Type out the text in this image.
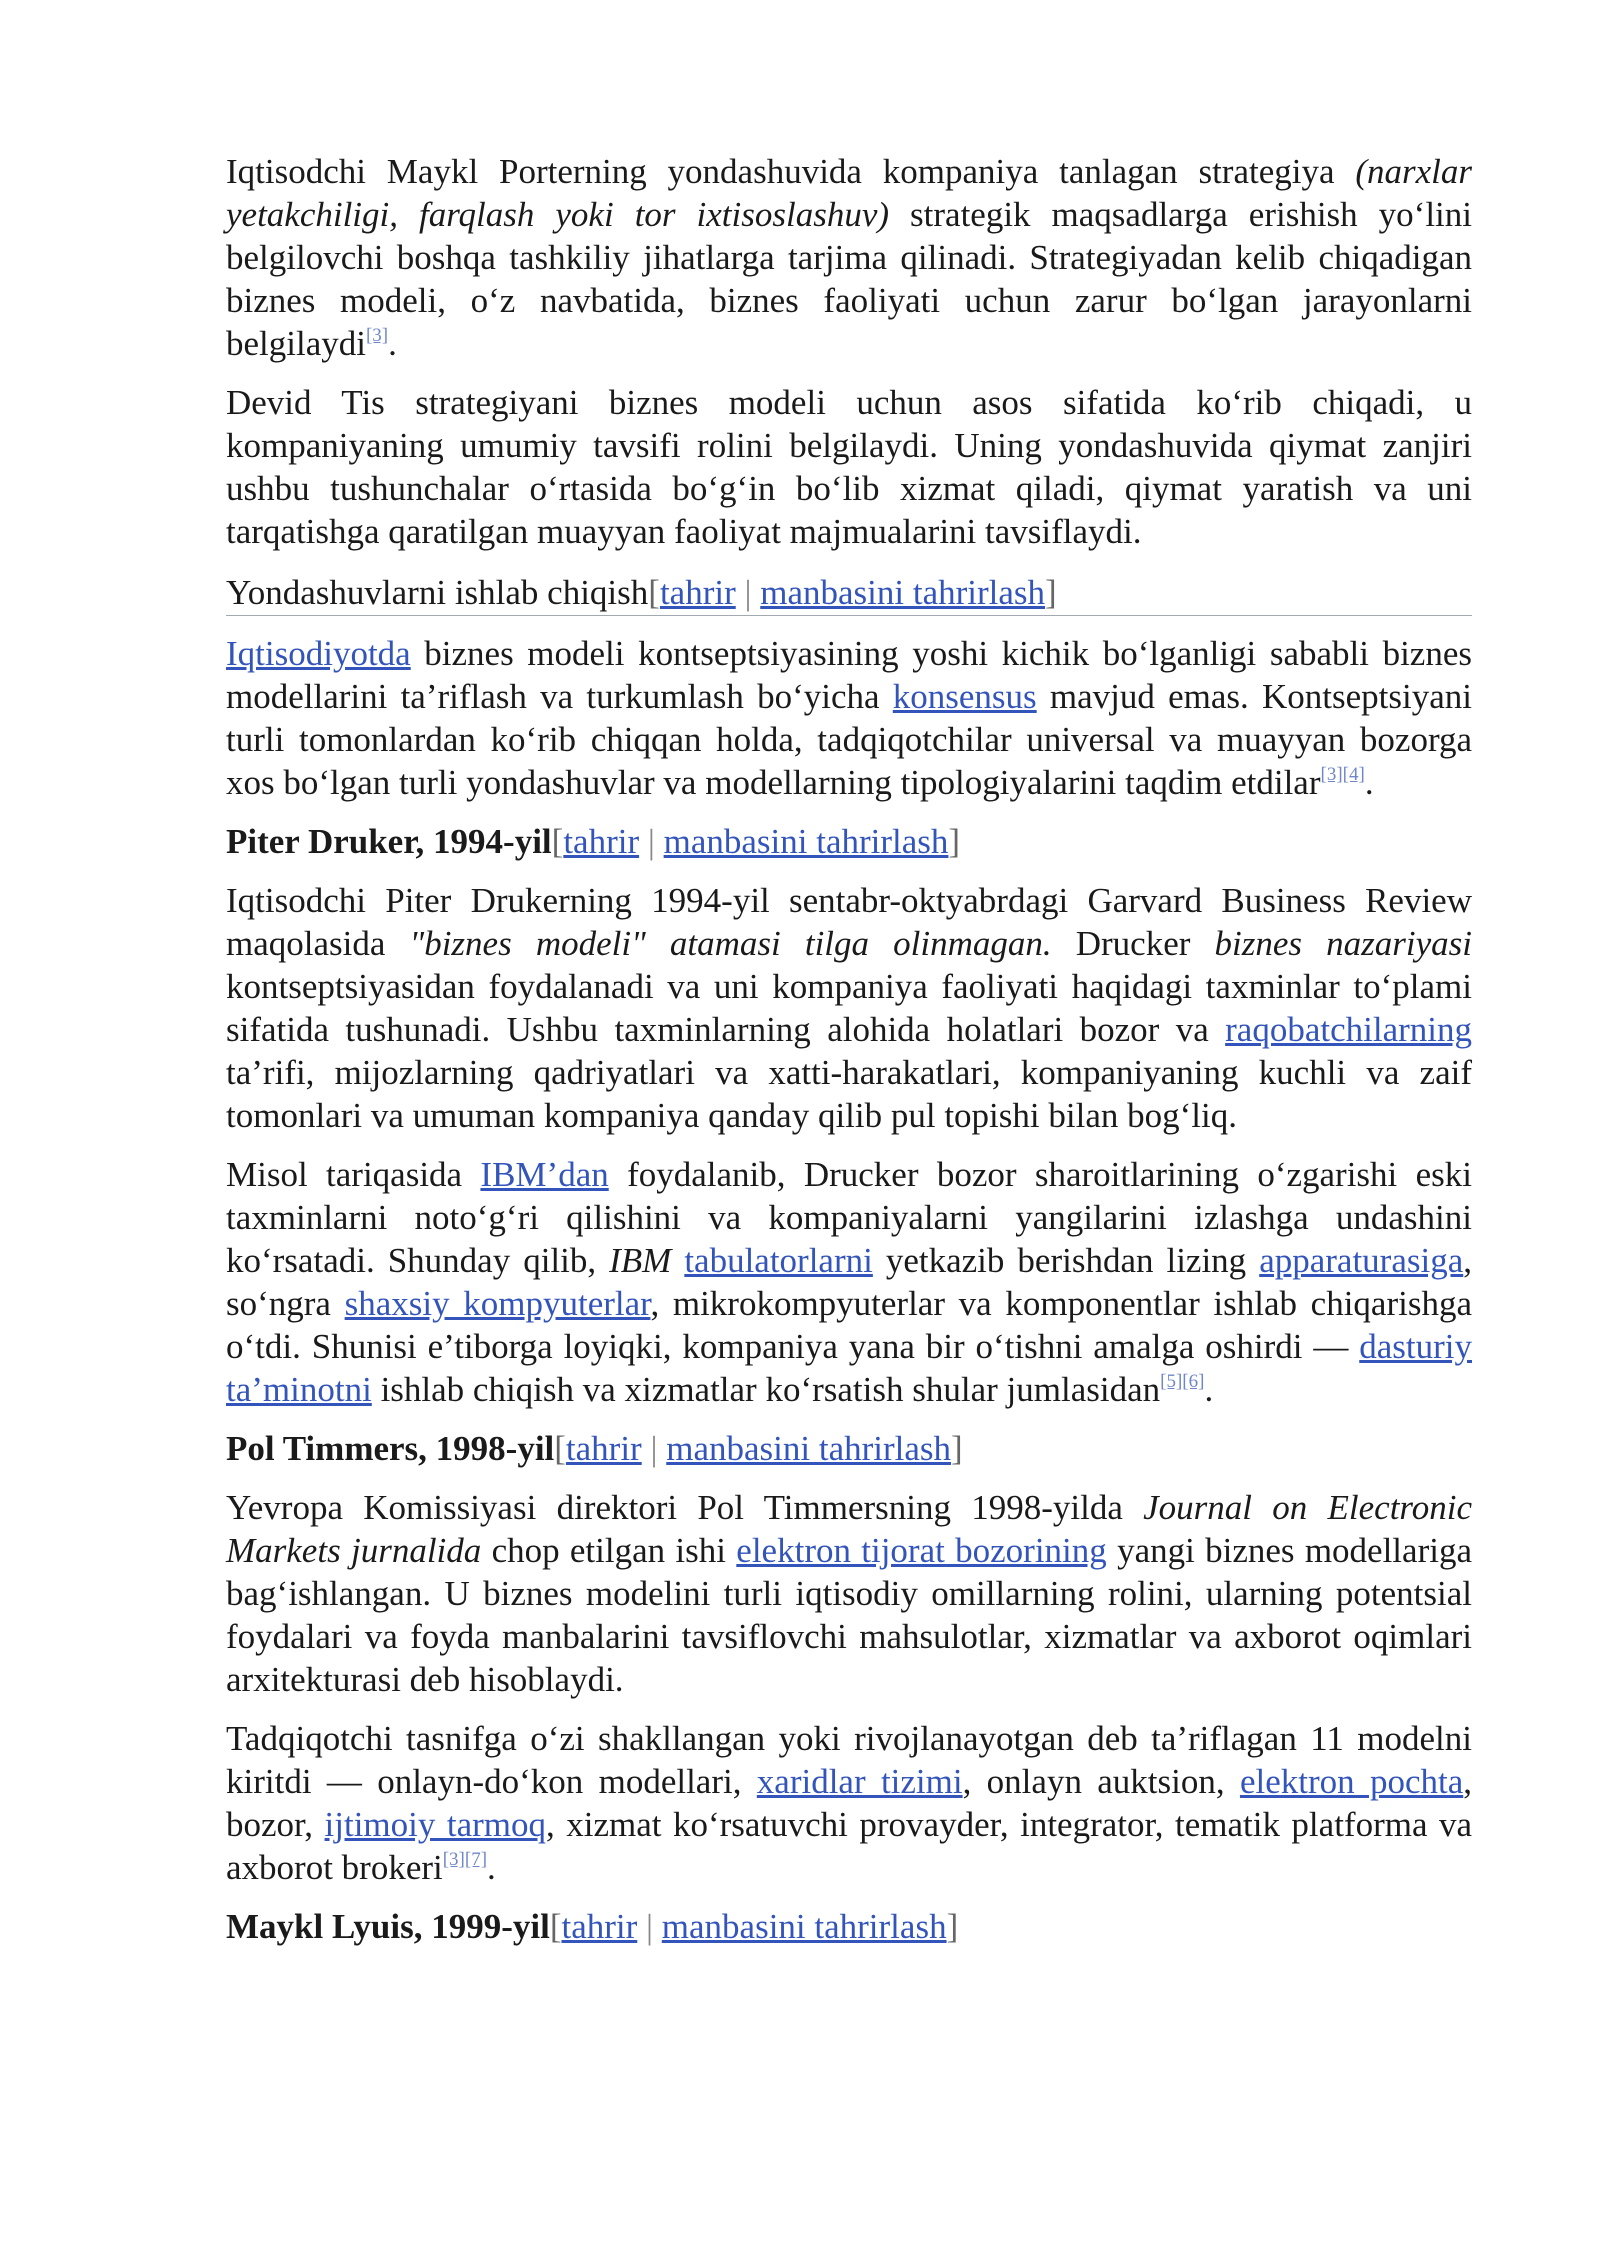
Iqtisodchi Maykl Porterning yondashuvida kompaniya tanlagan strategiya (narxlar yetakchiligi, farqlash yoki tor ixtisoslashuv) strategik maqsadlarga erishish yo‘lini belgilovchi boshqa tashkiliy jihatlarga tarjima qilinadi. Strategiyadan kelib chiqadigan biznes modeli, o‘z navbatida, biznes faoliyati uchun zarur bo‘lgan jarayonlarni belgilaydi[3].

Devid Tis strategiyani biznes modeli uchun asos sifatida ko‘rib chiqadi, u kompaniyaning umumiy tavsifi rolini belgilaydi. Uning yondashuvida qiymat zanjiri ushbu tushunchalar o‘rtasida bo‘g‘in bo‘lib xizmat qiladi, qiymat yaratish va uni tarqatishga qaratilgan muayyan faoliyat majmualarini tavsiflaydi.

Yondashuvlarni ishlab chiqish[tahrir | manbasini tahrirlash]

Iqtisodiyotda biznes modeli kontseptsiyasining yoshi kichik bo‘lganligi sababli biznes modellarini ta’riflash va turkumlash bo‘yicha konsensus mavjud emas. Kontseptsiyani turli tomonlardan ko‘rib chiqqan holda, tadqiqotchilar universal va muayyan bozorga xos bo‘lgan turli yondashuvlar va modellarning tipologiyalarini taqdim etdilar[3][4].

Piter Druker, 1994-yil[tahrir | manbasini tahrirlash]

Iqtisodchi Piter Drukerning 1994-yil sentabr-oktyabrdagi Garvard Business Review maqolasida "biznes modeli" atamasi tilga olinmagan. Drucker biznes nazariyasi kontseptsiyasidan foydalanadi va uni kompaniya faoliyati haqidagi taxminlar to‘plami sifatida tushunadi. Ushbu taxminlarning alohida holatlari bozor va raqobatchilarning ta’rifi, mijozlarning qadriyatlari va xatti-harakatlari, kompaniyaning kuchli va zaif tomonlari va umuman kompaniya qanday qilib pul topishi bilan bog‘liq.

Misol tariqasida IBM’dan foydalanib, Drucker bozor sharoitlarining o‘zgarishi eski taxminlarni noto‘g‘ri qilishini va kompaniyalarni yangilarini izlashga undashini ko‘rsatadi. Shunday qilib, IBM tabulatorlarni yetkazib berishdan lizing apparaturasiga, so‘ngra shaxsiy kompyuterlar, mikrokompyuterlar va komponentlar ishlab chiqarishga o‘tdi. Shunisi e’tiborga loyiqki, kompaniya yana bir o‘tishni amalga oshirdi — dasturiy ta’minotni ishlab chiqish va xizmatlar ko‘rsatish shular jumlasidan[5][6].

Pol Timmers, 1998-yil[tahrir | manbasini tahrirlash]

Yevropa Komissiyasi direktori Pol Timmersning 1998-yilda Journal on Electronic Markets jurnalida chop etilgan ishi elektron tijorat bozorining yangi biznes modellariga bag‘ishlangan. U biznes modelini turli iqtisodiy omillarning rolini, ularning potentsial foydalari va foyda manbalarini tavsiflovchi mahsulotlar, xizmatlar va axborot oqimlari arxitekturasi deb hisoblaydi.

Tadqiqotchi tasnifga o‘zi shakllangan yoki rivojlanayotgan deb ta’riflagan 11 modelni kiritdi — onlayn-do‘kon modellari, xaridlar tizimi, onlayn auktsion, elektron pochta, bozor, ijtimoiy tarmoq, xizmat ko‘rsatuvchi provayder, integrator, tematik platforma va axborot brokeri[3][7].

Maykl Lyuis, 1999-yil[tahrir | manbasini tahrirlash]
